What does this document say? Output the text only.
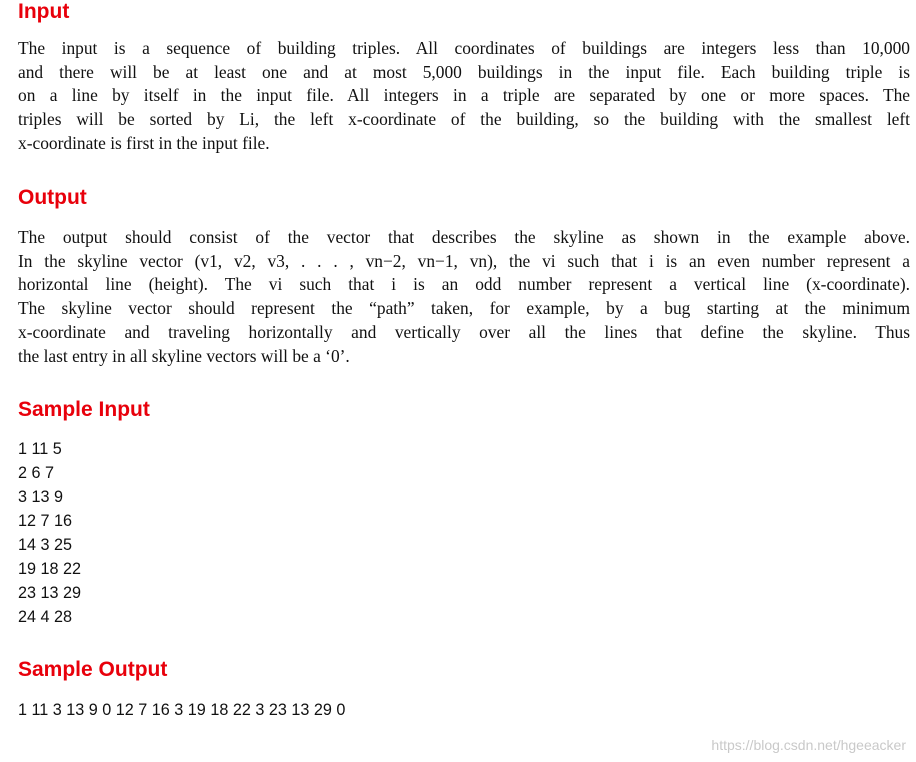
Input
The input is a sequence of building triples. All coordinates of buildings are integers less than 10,000
and there will be at least one and at most 5,000 buildings in the input file. Each building triple is
on a line by itself in the input file. All integers in a triple are separated by one or more spaces. The
triples will be sorted by Li, the left x-coordinate of the building, so the building with the smallest left
x-coordinate is first in the input file.
Output
The output should consist of the vector that describes the skyline as shown in the example above.
In the skyline vector (v1, v2, v3, . . . , vn−2, vn−1, vn), the vi such that i is an even number represent a
horizontal line (height). The vi such that i is an odd number represent a vertical line (x-coordinate).
The skyline vector should represent the “path” taken, for example, by a bug starting at the minimum
x-coordinate and traveling horizontally and vertically over all the lines that define the skyline. Thus
the last entry in all skyline vectors will be a ‘0’.
Sample Input
1 11 5
2 6 7
3 13 9
12 7 16
14 3 25
19 18 22
23 13 29
24 4 28
Sample Output
1 11 3 13 9 0 12 7 16 3 19 18 22 3 23 13 29 0
https://blog.csdn.net/hgeeacker
